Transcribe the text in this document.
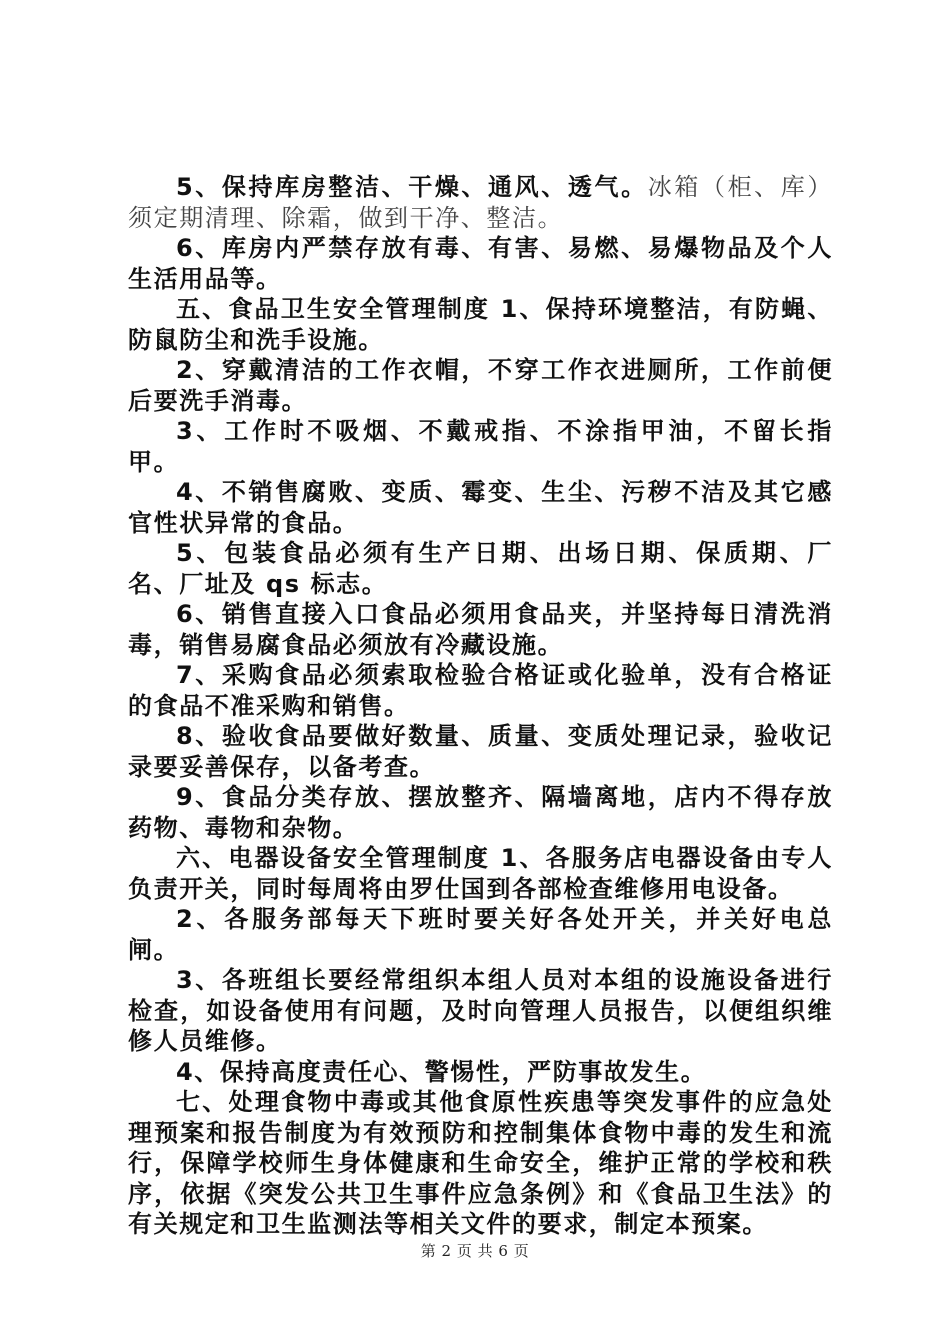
5、保持库房整洁、干燥、通风、透气。冰箱（柜、库）须定期清理、除霜，做到干净、整洁。

6、库房内严禁存放有毒、有害、易燃、易爆物品及个人生活用品等。

五、食品卫生安全管理制度 1、保持环境整洁，有防蝇、防鼠防尘和洗手设施。

2、穿戴清洁的工作衣帽，不穿工作衣进厕所，工作前便后要洗手消毒。

3、工作时不吸烟、不戴戒指、不涂指甲油，不留长指甲。

4、不销售腐败、变质、霉变、生尘、污秽不洁及其它感官性状异常的食品。

5、包装食品必须有生产日期、出场日期、保质期、厂名、厂址及 qs 标志。

6、销售直接入口食品必须用食品夹，并坚持每日清洗消毒，销售易腐食品必须放有冷藏设施。

7、采购食品必须索取检验合格证或化验单，没有合格证的食品不准采购和销售。

8、验收食品要做好数量、质量、变质处理记录，验收记录要妥善保存，以备考查。

9、食品分类存放、摆放整齐、隔墙离地，店内不得存放药物、毒物和杂物。

六、电器设备安全管理制度 1、各服务店电器设备由专人负责开关，同时每周将由罗仕国到各部检查维修用电设备。

2、各服务部每天下班时要关好各处开关，并关好电总闸。

3、各班组长要经常组织本组人员对本组的设施设备进行检查，如设备使用有问题，及时向管理人员报告，以便组织维修人员维修。

4、保持高度责任心、警惕性，严防事故发生。

七、处理食物中毒或其他食原性疾患等突发事件的应急处理预案和报告制度为有效预防和控制集体食物中毒的发生和流行，保障学校师生身体健康和生命安全，维护正常的学校和秩序，依据《突发公共卫生事件应急条例》和《食品卫生法》的有关规定和卫生监测法等相关文件的要求，制定本预案。

第 2 页 共 6 页
